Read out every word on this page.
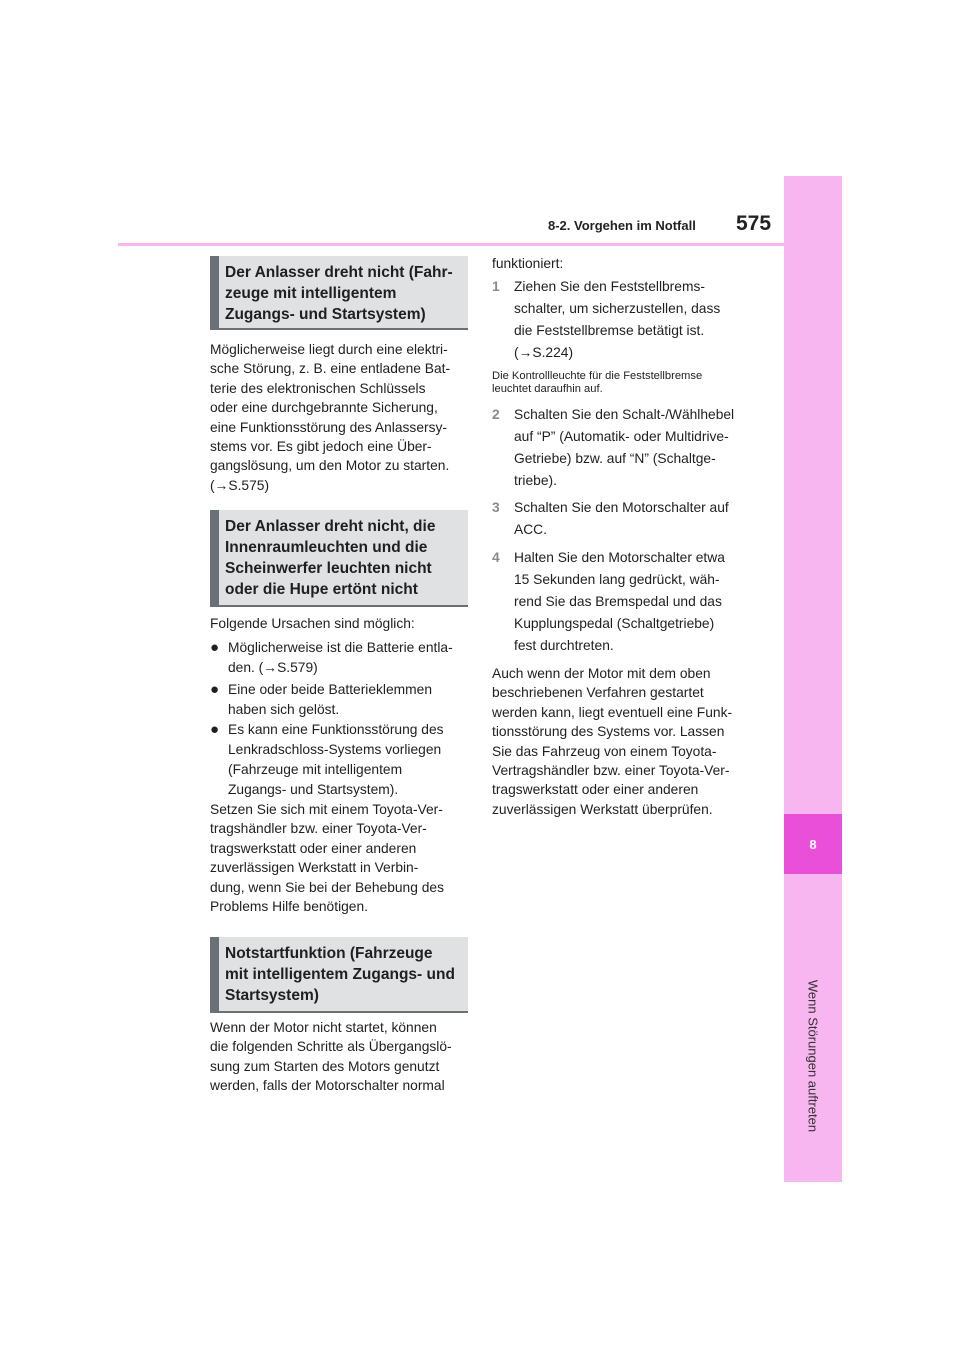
8-2. Vorgehen im Notfall 575
8
Wenn Störungen auftreten
Der Anlasser dreht nicht (Fahr-
zeuge mit intelligentem
Zugangs- und Startsystem)
Möglicherweise liegt durch eine elektri-
sche Störung, z. B. eine entladene Bat-
terie des elektronischen Schlüssels
oder eine durchgebrannte Sicherung,
eine Funktionsstörung des Anlassersy-
stems vor. Es gibt jedoch eine Über-
gangslösung, um den Motor zu starten.
(→S.575)
Der Anlasser dreht nicht, die
Innenraumleuchten und die
Scheinwerfer leuchten nicht
oder die Hupe ertönt nicht
Folgende Ursachen sind möglich:
● Möglicherweise ist die Batterie entla-
den. (→S.579)
● Eine oder beide Batterieklemmen
haben sich gelöst.
● Es kann eine Funktionsstörung des
Lenkradschloss-Systems vorliegen
(Fahrzeuge mit intelligentem
Zugangs- und Startsystem).
Setzen Sie sich mit einem Toyota-Ver-
tragshändler bzw. einer Toyota-Ver-
tragswerkstatt oder einer anderen
zuverlässigen Werkstatt in Verbin-
dung, wenn Sie bei der Behebung des
Problems Hilfe benötigen.
Notstartfunktion (Fahrzeuge
mit intelligentem Zugangs- und
Startsystem)
Wenn der Motor nicht startet, können
die folgenden Schritte als Übergangslö-
sung zum Starten des Motors genutzt
werden, falls der Motorschalter normal
funktioniert:
1 Ziehen Sie den Feststellbrems-
schalter, um sicherzustellen, dass
die Feststellbremse betätigt ist.
(→S.224)
Die Kontrollleuchte für die Feststellbremse
leuchtet daraufhin auf.
2 Schalten Sie den Schalt-/Wählhebel
auf “P” (Automatik- oder Multidrive-
Getriebe) bzw. auf “N” (Schaltge-
triebe).
3 Schalten Sie den Motorschalter auf
ACC.
4 Halten Sie den Motorschalter etwa
15 Sekunden lang gedrückt, wäh-
rend Sie das Bremspedal und das
Kupplungspedal (Schaltgetriebe)
fest durchtreten.
Auch wenn der Motor mit dem oben
beschriebenen Verfahren gestartet
werden kann, liegt eventuell eine Funk-
tionsstörung des Systems vor. Lassen
Sie das Fahrzeug von einem Toyota-
Vertragshändler bzw. einer Toyota-Ver-
tragswerkstatt oder einer anderen
zuverlässigen Werkstatt überprüfen.
